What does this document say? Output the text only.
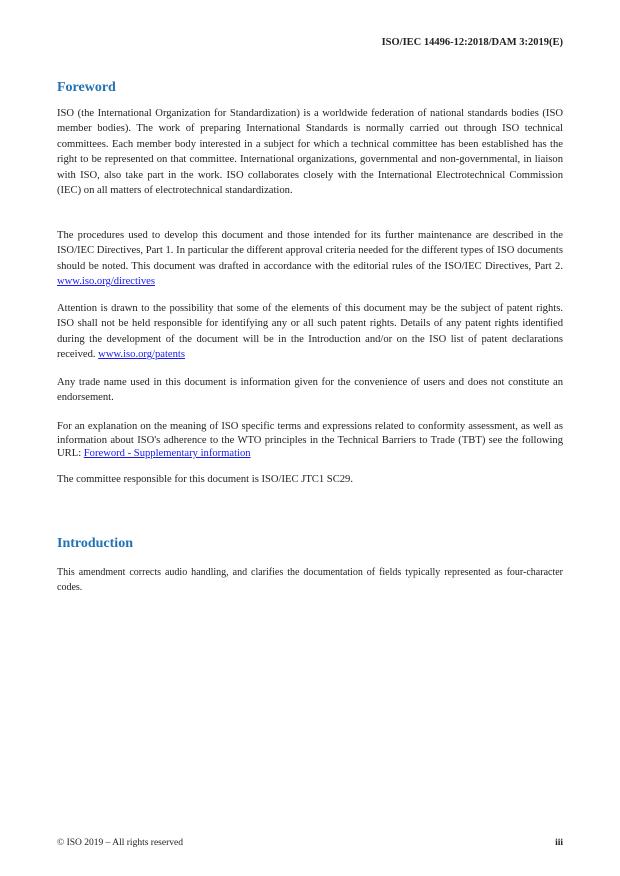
ISO/IEC 14496-12:2018/DAM 3:2019(E)
Foreword

ISO (the International Organization for Standardization) is a worldwide federation of national standards bodies (ISO member bodies). The work of preparing International Standards is normally carried out through ISO technical committees. Each member body interested in a subject for which a technical committee has been established has the right to be represented on that committee. International organizations, governmental and non-governmental, in liaison with ISO, also take part in the work. ISO collaborates closely with the International Electrotechnical Commission (IEC) on all matters of electrotechnical standardization.

The procedures used to develop this document and those intended for its further maintenance are described in the ISO/IEC Directives, Part 1. In particular the different approval criteria needed for the different types of ISO documents should be noted. This document was drafted in accordance with the editorial rules of the ISO/IEC Directives, Part 2. www.iso.org/directives

Attention is drawn to the possibility that some of the elements of this document may be the subject of patent rights. ISO shall not be held responsible for identifying any or all such patent rights. Details of any patent rights identified during the development of the document will be in the Introduction and/or on the ISO list of patent declarations received. www.iso.org/patents

Any trade name used in this document is information given for the convenience of users and does not constitute an endorsement.

For an explanation on the meaning of ISO specific terms and expressions related to conformity assessment, as well as information about ISO's adherence to the WTO principles in the Technical Barriers to Trade (TBT) see the following URL: Foreword - Supplementary information

The committee responsible for this document is ISO/IEC JTC1 SC29.

Introduction

This amendment corrects audio handling, and clarifies the documentation of fields typically represented as four-character codes.

© ISO 2019 – All rights reserved	iii
